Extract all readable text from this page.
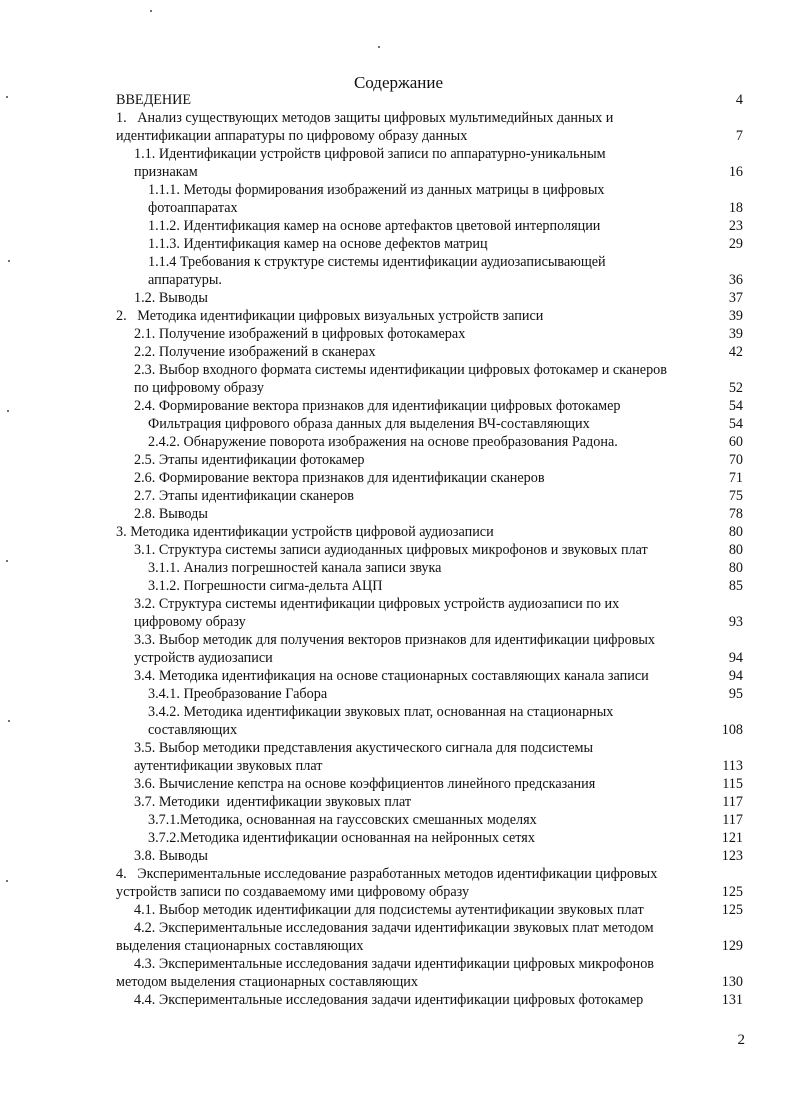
Содержание
ВВЕДЕНИЕ	4
1.   Анализ существующих методов защиты цифровых мультимедийных данных и
идентификации аппаратуры по цифровому образу данных	7
1.1. Идентификации устройств цифровой записи по аппаратурно-уникальным
признакам	16
1.1.1. Методы формирования изображений из данных матрицы в цифровых
фотоаппаратах	18
1.1.2. Идентификация камер на основе артефактов цветовой интерполяции	23
1.1.3. Идентификация камер на основе дефектов матриц	29
1.1.4 Требования к структуре системы идентификации аудиозаписывающей
аппаратуры.	36
1.2. Выводы	37
2.   Методика идентификации цифровых визуальных устройств записи	39
2.1. Получение изображений в цифровых фотокамерах	39
2.2. Получение изображений в сканерах	42
2.3. Выбор входного формата системы идентификации цифровых фотокамер и сканеров
по цифровому образу	52
2.4. Формирование вектора признаков для идентификации цифровых фотокамер	54
Фильтрация цифрового образа данных для выделения ВЧ-составляющих	54
2.4.2. Обнаружение поворота изображения на основе преобразования Радона.	60
2.5. Этапы идентификации фотокамер	70
2.6. Формирование вектора признаков для идентификации сканеров	71
2.7. Этапы идентификации сканеров	75
2.8. Выводы	78
3. Методика идентификации устройств цифровой аудиозаписи	80
3.1. Структура системы записи аудиоданных цифровых микрофонов и звуковых плат	80
3.1.1. Анализ погрешностей канала записи звука	80
3.1.2. Погрешности сигма-дельта АЦП	85
3.2. Структура системы идентификации цифровых устройств аудиозаписи по их
цифровому образу	93
3.3. Выбор методик для получения векторов признаков для идентификации цифровых
устройств аудиозаписи	94
3.4. Методика идентификация на основе стационарных составляющих канала записи	94
3.4.1. Преобразование Габора	95
3.4.2. Методика идентификации звуковых плат, основанная на стационарных
составляющих	108
3.5. Выбор методики представления акустического сигнала для подсистемы
аутентификации звуковых плат	113
3.6. Вычисление кепстра на основе коэффициентов линейного предсказания	115
3.7. Методики  идентификации звуковых плат	117
3.7.1.Методика, основанная на гауссовских смешанных моделях	117
3.7.2.Методика идентификации основанная на нейронных сетях	121
3.8. Выводы	123
4.   Экспериментальные исследование разработанных методов идентификации цифровых
устройств записи по создаваемому ими цифровому образу	125
4.1. Выбор методик идентификации для подсистемы аутентификации звуковых плат	125
4.2. Экспериментальные исследования задачи идентификации звуковых плат методом
выделения стационарных составляющих	129
4.3. Экспериментальные исследования задачи идентификации цифровых микрофонов
методом выделения стационарных составляющих	130
4.4. Экспериментальные исследования задачи идентификации цифровых фотокамер	131
2
